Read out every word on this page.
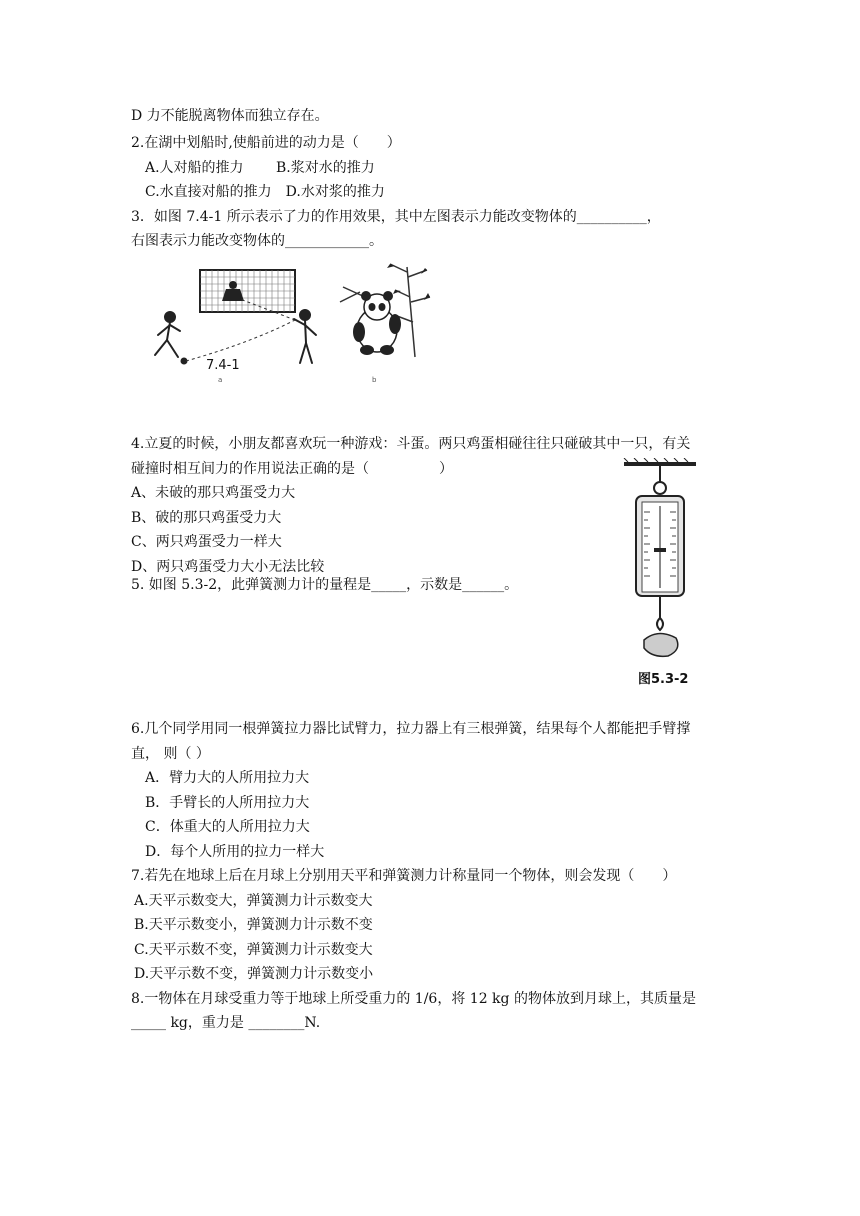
D 力不能脱离物体而独立存在。
2.在湖中划船时,使船前进的动力是（　　）
A.人对船的推力　　 B.浆对水的推力
C.水直接对船的推力　D.水对浆的推力
3．如图 7.4-1 所示表示了力的作用效果，其中左图表示力能改变物体的__________，
右图表示力能改变物体的____________。
7.4-1
a	b
4.立夏的时候，小朋友都喜欢玩一种游戏：斗蛋。两只鸡蛋相碰往往只碰破其中一只，有关
碰撞时相互间力的作用说法正确的是（　　　　　）
A、未破的那只鸡蛋受力大
B、破的那只鸡蛋受力大
C、两只鸡蛋受力一样大
D、两只鸡蛋受力大小无法比较
5. 如图 5.3-2，此弹簧测力计的量程是_____，示数是______。
图5.3-2
6.几个同学用同一根弹簧拉力器比试臂力，拉力器上有三根弹簧，结果每个人都能把手臂撑
直， 则（ ）
A．臂力大的人所用拉力大
B．手臂长的人所用拉力大
C．体重大的人所用拉力大
D．每个人所用的拉力一样大
7.若先在地球上后在月球上分别用天平和弹簧测力计称量同一个物体，则会发现（　　）
A.天平示数变大，弹簧测力计示数变大
B.天平示数变小，弹簧测力计示数不变
C.天平示数不变，弹簧测力计示数变大
D.天平示数不变，弹簧测力计示数变小
8.一物体在月球受重力等于地球上所受重力的 1/6，将 12 kg 的物体放到月球上，其质量是
_____ kg，重力是 ________N.
